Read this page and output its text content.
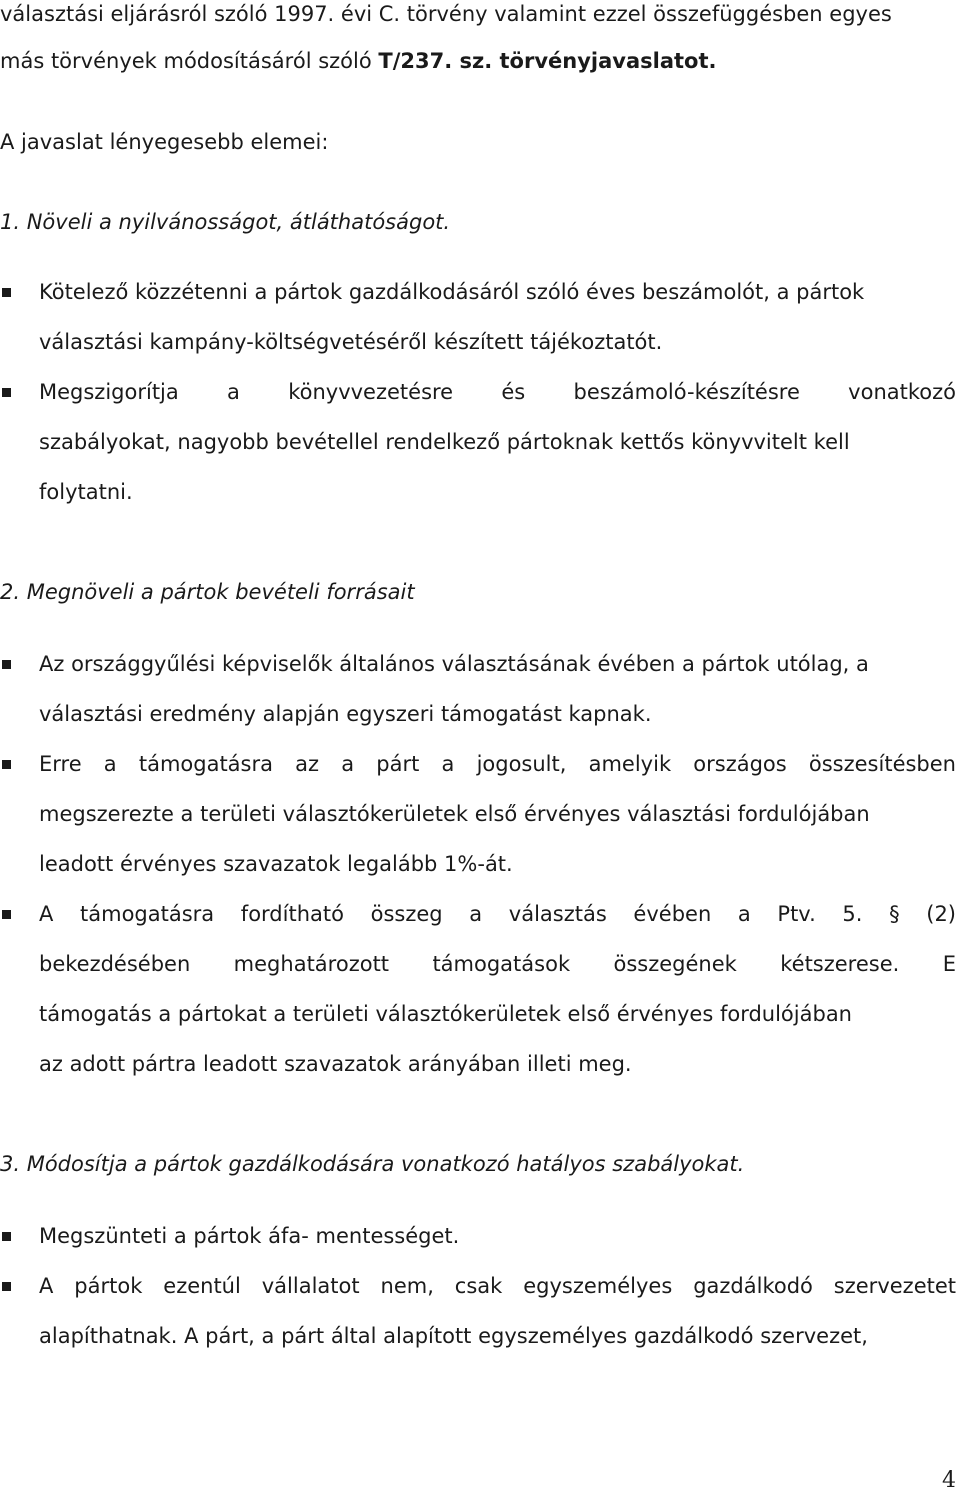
választási eljárásról szóló 1997. évi C. törvény valamint ezzel összefüggésben egyes
más törvények módosításáról szóló T/237. sz. törvényjavaslatot.
A javaslat lényegesebb elemei:
1. Növeli a nyilvánosságot, átláthatóságot.
Kötelező közzétenni a pártok gazdálkodásáról szóló éves beszámolót, a pártok
választási kampány-költségvetéséről készített tájékoztatót.
Megszigorítja a könyvvezetésre és beszámoló-készítésre vonatkozó
szabályokat, nagyobb bevétellel rendelkező pártoknak kettős könyvvitelt kell
folytatni.
2. Megnöveli a pártok bevételi forrásait
Az országgyűlési képviselők általános választásának évében a pártok utólag, a
választási eredmény alapján egyszeri támogatást kapnak.
Erre a támogatásra az a párt a jogosult, amelyik országos összesítésben
megszerezte a területi választókerületek első érvényes választási fordulójában
leadott érvényes szavazatok legalább 1%-át.
A támogatásra fordítható összeg a választás évében a Ptv. 5. § (2)
bekezdésében meghatározott támogatások összegének kétszerese. E
támogatás a pártokat a területi választókerületek első érvényes fordulójában
az adott pártra leadott szavazatok arányában illeti meg.
3. Módosítja a pártok gazdálkodására vonatkozó hatályos szabályokat.
Megszünteti a pártok áfa- mentességet.
A pártok ezentúl vállalatot nem, csak egyszemélyes gazdálkodó szervezetet
alapíthatnak. A párt, a párt által alapított egyszemélyes gazdálkodó szervezet,
4
